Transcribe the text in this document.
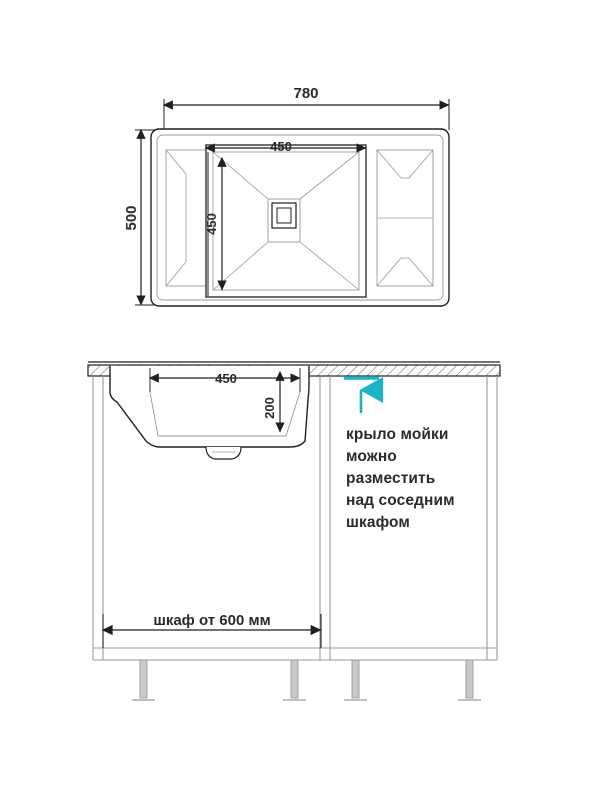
780
500
450
450
шкаф от 600 мм
450
200
крыло мойки
можно
разместить
над соседним
шкафом
